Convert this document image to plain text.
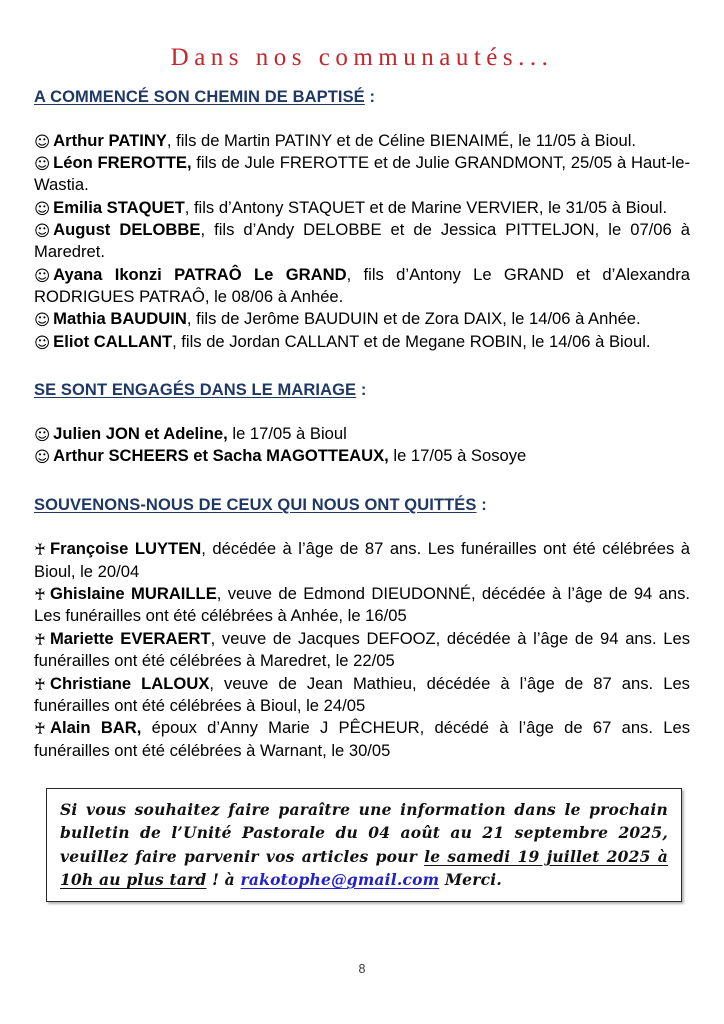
Dans nos communautés...
A COMMENCÉ SON CHEMIN DE BAPTISÉ :

☺ Arthur PATINY, fils de Martin PATINY et de Céline BIENAIMÉ, le 11/05 à Bioul.

☺ Léon FREROTTE, fils de Jule FREROTTE et de Julie GRANDMONT, 25/05 à Haut-le-Wastia.

☺ Emilia STAQUET, fils d’Antony STAQUET et de Marine VERVIER, le 31/05 à Bioul.

☺ August DELOBBE, fils d’Andy DELOBBE et de Jessica PITTELJON, le 07/06 à Maredret.

☺ Ayana Ikonzi PATRAÔ Le GRAND, fils d’Antony Le GRAND et d’Alexandra RODRIGUES PATRAÔ, le 08/06 à Anhée.

☺ Mathia BAUDUIN, fils de Jerôme BAUDUIN et de Zora DAIX, le 14/06 à Anhée.

☺ Eliot CALLANT, fils de Jordan CALLANT et de Megane ROBIN, le 14/06 à Bioul.

SE SONT ENGAGÉS DANS LE MARIAGE :

☺ Julien JON et Adeline, le 17/05 à Bioul

☺ Arthur SCHEERS et Sacha MAGOTTEAUX, le 17/05 à Sosoye

SOUVENONS-NOUS DE CEUX QUI NOUS ONT QUITTÉS :

♰ Françoise LUYTEN, décédée à l’âge de 87 ans. Les funérailles ont été célébrées à Bioul, le 20/04

♰ Ghislaine MURAILLE, veuve de Edmond DIEUDONNÉ, décédée à l’âge de 94 ans. Les funérailles ont été célébrées à Anhée, le 16/05

♰ Mariette EVERAERT, veuve de Jacques DEFOOZ, décédée à l’âge de 94 ans. Les funérailles ont été célébrées à Maredret, le 22/05

♰ Christiane LALOUX, veuve de Jean Mathieu, décédée à l’âge de 87 ans. Les funérailles ont été célébrées à Bioul, le 24/05

♰ Alain BAR, époux d’Anny Marie J PÊCHEUR, décédé à l’âge de 67 ans. Les funérailles ont été célébrées à Warnant, le 30/05

Si vous souhaitez faire paraître une information dans le prochain bulletin de l’Unité Pastorale du 04 août au 21 septembre 2025, veuillez faire parvenir vos articles pour le samedi 19 juillet 2025 à 10h au plus tard ! à rakotophe@gmail.com Merci.
8
